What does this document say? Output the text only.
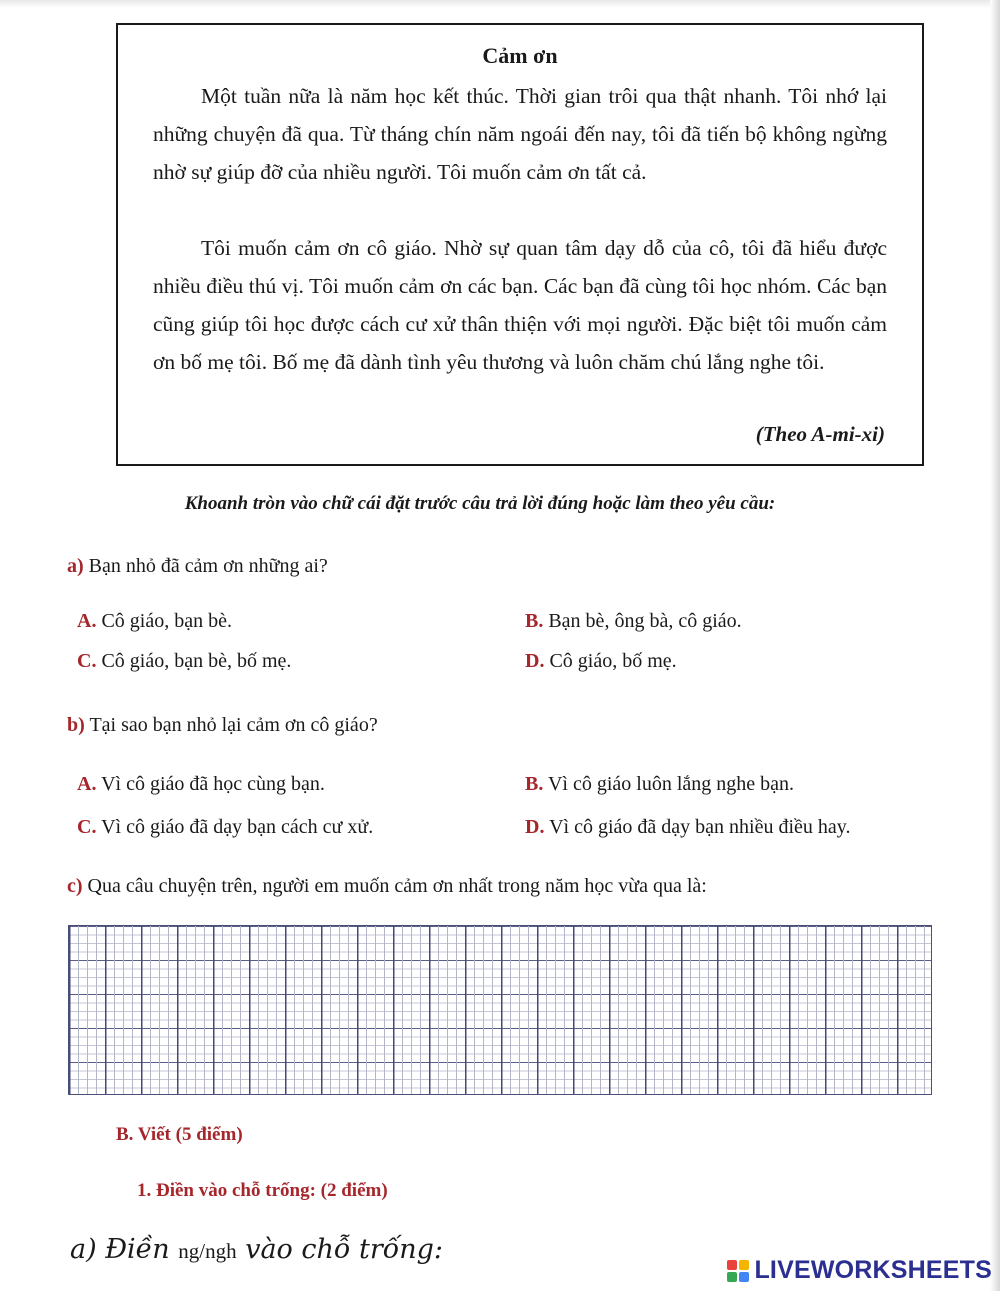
Cảm ơn

Một tuần nữa là năm học kết thúc. Thời gian trôi qua thật nhanh. Tôi nhớ lại những chuyện đã qua. Từ tháng chín năm ngoái đến nay, tôi đã tiến bộ không ngừng nhờ sự giúp đỡ của nhiều người. Tôi muốn cảm ơn tất cả.

Tôi muốn cảm ơn cô giáo. Nhờ sự quan tâm dạy dỗ của cô, tôi đã hiểu được nhiều điều thú vị. Tôi muốn cảm ơn các bạn. Các bạn đã cùng tôi học nhóm. Các bạn cũng giúp tôi học được cách cư xử thân thiện với mọi người. Đặc biệt tôi muốn cảm ơn bố mẹ tôi. Bố mẹ đã dành tình yêu thương và luôn chăm chú lắng nghe tôi.

(Theo A-mi-xi)
Khoanh tròn vào chữ cái đặt trước câu trả lời đúng hoặc làm theo yêu cầu:
a) Bạn nhỏ đã cảm ơn những ai?
A. Cô giáo, bạn bè.	B. Bạn bè, ông bà, cô giáo.
C. Cô giáo, bạn bè, bố mẹ.	D. Cô giáo, bố mẹ.
b) Tại sao bạn nhỏ lại cảm ơn cô giáo?
A. Vì cô giáo đã học cùng bạn.	B. Vì cô giáo luôn lắng nghe bạn.
C. Vì cô giáo đã dạy bạn cách cư xử.	D. Vì cô giáo đã dạy bạn nhiều điều hay.
c) Qua câu chuyện trên, người em muốn cảm ơn nhất trong năm học vừa qua là:
B. Viết (5 điểm)
1. Điền vào chỗ trống: (2 điểm)
a) Điền ng/ngh vào chỗ trống:
LIVEWORKSHEETS
